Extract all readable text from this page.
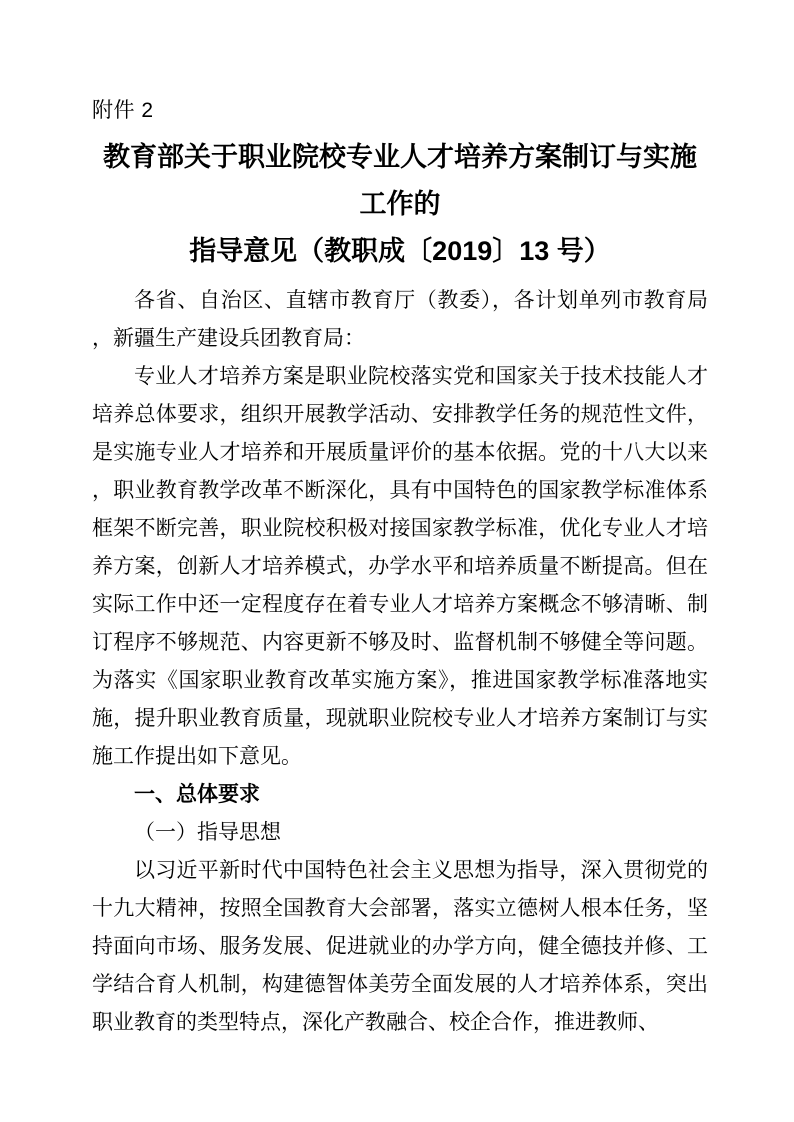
附件 2
教育部关于职业院校专业人才培养方案制订与实施工作的
指导意见（教职成〔2019〕13 号）

各省、自治区、直辖市教育厅（教委），各计划单列市教育局，新疆生产建设兵团教育局：

专业人才培养方案是职业院校落实党和国家关于技术技能人才培养总体要求，组织开展教学活动、安排教学任务的规范性文件，是实施专业人才培养和开展质量评价的基本依据。党的十八大以来，职业教育教学改革不断深化，具有中国特色的国家教学标准体系框架不断完善，职业院校积极对接国家教学标准，优化专业人才培养方案，创新人才培养模式，办学水平和培养质量不断提高。但在实际工作中还一定程度存在着专业人才培养方案概念不够清晰、制订程序不够规范、内容更新不够及时、监督机制不够健全等问题。为落实《国家职业教育改革实施方案》，推进国家教学标准落地实施，提升职业教育质量，现就职业院校专业人才培养方案制订与实施工作提出如下意见。

一、总体要求

（一）指导思想

以习近平新时代中国特色社会主义思想为指导，深入贯彻党的十九大精神，按照全国教育大会部署，落实立德树人根本任务，坚持面向市场、服务发展、促进就业的办学方向，健全德技并修、工学结合育人机制，构建德智体美劳全面发展的人才培养体系，突出职业教育的类型特点，深化产教融合、校企合作，推进教师、
